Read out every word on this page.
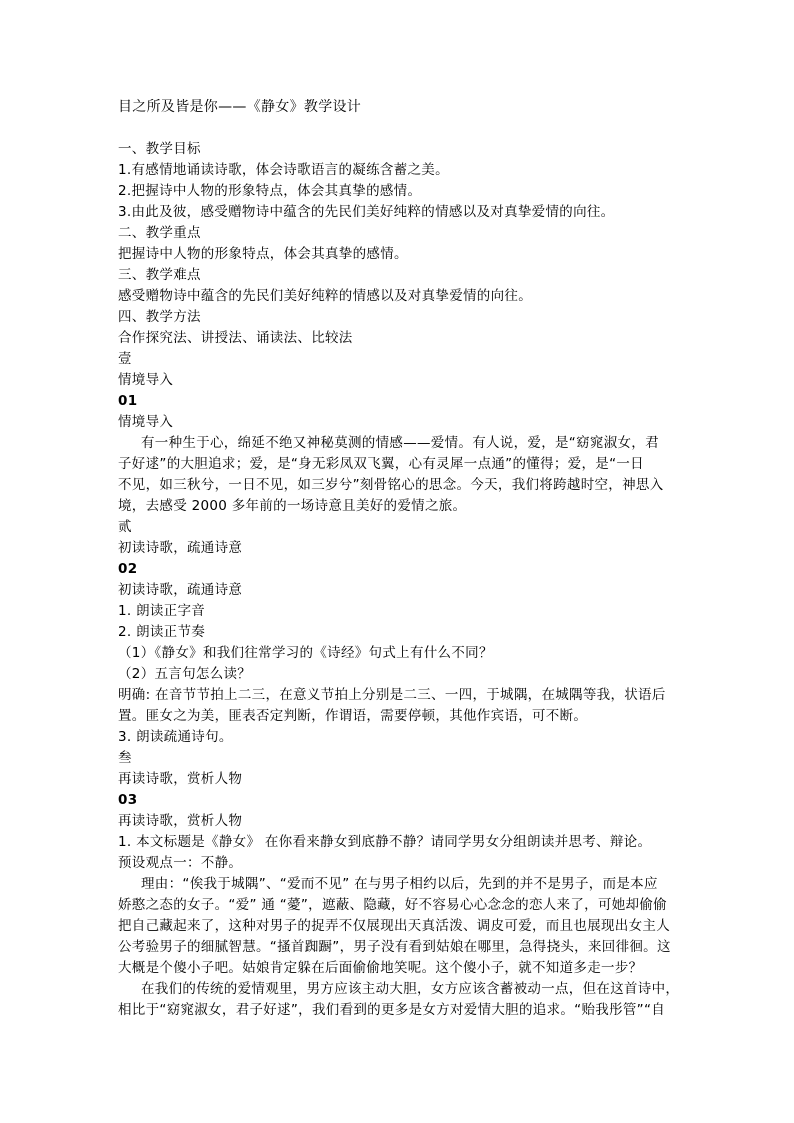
目之所及皆是你——《静女》教学设计
一、教学目标
1.有感情地诵读诗歌，体会诗歌语言的凝练含蓄之美。
2.把握诗中人物的形象特点，体会其真挚的感情。
3.由此及彼，感受赠物诗中蕴含的先民们美好纯粹的情感以及对真挚爱情的向往。
二、教学重点
把握诗中人物的形象特点，体会其真挚的感情。
三、教学难点
感受赠物诗中蕴含的先民们美好纯粹的情感以及对真挚爱情的向往。
四、教学方法
合作探究法、讲授法、诵读法、比较法
壹
情境导入
01
情境导入
有一种生于心，绵延不绝又神秘莫测的情感——爱情。有人说，爱，是“窈窕淑女，君
子好逑”的大胆追求；爱，是“身无彩凤双飞翼，心有灵犀一点通”的懂得；爱，是“一日
不见，如三秋兮，一日不见，如三岁兮”刻骨铭心的思念。今天，我们将跨越时空，神思入
境，去感受 2000 多年前的一场诗意且美好的爱情之旅。
贰
初读诗歌，疏通诗意
02
初读诗歌，疏通诗意
1. 朗读正字音
2. 朗读正节奏
（1）《静女》和我们往常学习的《诗经》句式上有什么不同？
（2）五言句怎么读？
明确: 在音节节拍上二三，在意义节拍上分别是二三、一四，于城隅，在城隅等我，状语后
置。匪女之为美，匪表否定判断，作谓语，需要停顿，其他作宾语，可不断。
3. 朗读疏通诗句。
叁
再读诗歌，赏析人物
03
再读诗歌，赏析人物
1. 本文标题是《静女》 在你看来静女到底静不静？请同学男女分组朗读并思考、辩论。
预设观点一：不静。
理由：“俟我于城隅”、“爱而不见” 在与男子相约以后，先到的并不是男子，而是本应
娇憨之态的女子。“爱” 通 “薆”，遮蔽、隐藏，好不容易心心念念的恋人来了，可她却偷偷
把自己藏起来了，这种对男子的捉弄不仅展现出天真活泼、调皮可爱，而且也展现出女主人
公考验男子的细腻智慧。“搔首踟蹰”，男子没有看到姑娘在哪里，急得挠头，来回徘徊。这
大概是个傻小子吧。姑娘肯定躲在后面偷偷地笑呢。这个傻小子，就不知道多走一步？
在我们的传统的爱情观里，男方应该主动大胆，女方应该含蓄被动一点，但在这首诗中，
相比于“窈窕淑女，君子好逑”，我们看到的更多是女方对爱情大胆的追求。“贻我彤管”“自
